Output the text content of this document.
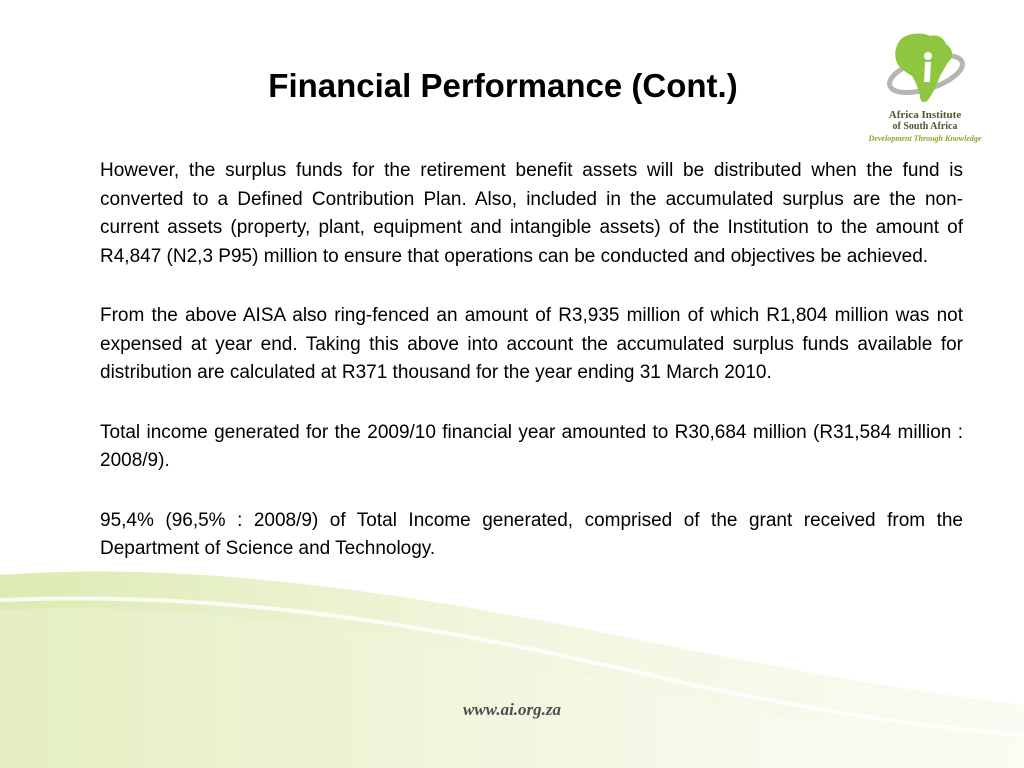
Financial Performance (Cont.)
Africa Institute
of South Africa
Development Through Knowledge

However, the surplus funds for the retirement benefit assets will be distributed when the fund is converted to a Defined Contribution Plan. Also, included in the accumulated surplus are the non-current assets (property, plant, equipment and intangible assets) of the Institution to the amount of R4,847 (N2,3 P95) million to ensure that operations can be conducted and objectives be achieved.

From the above AISA also ring-fenced an amount of R3,935 million of which R1,804 million was not expensed at year end. Taking this above into account the accumulated surplus funds available for distribution are calculated at R371 thousand for the year ending 31 March 2010.

Total income generated for the 2009/10 financial year amounted to R30,684 million (R31,584 million : 2008/9).

95,4% (96,5% : 2008/9) of Total Income generated, comprised of the grant received from the Department of Science and Technology.

www.ai.org.za
